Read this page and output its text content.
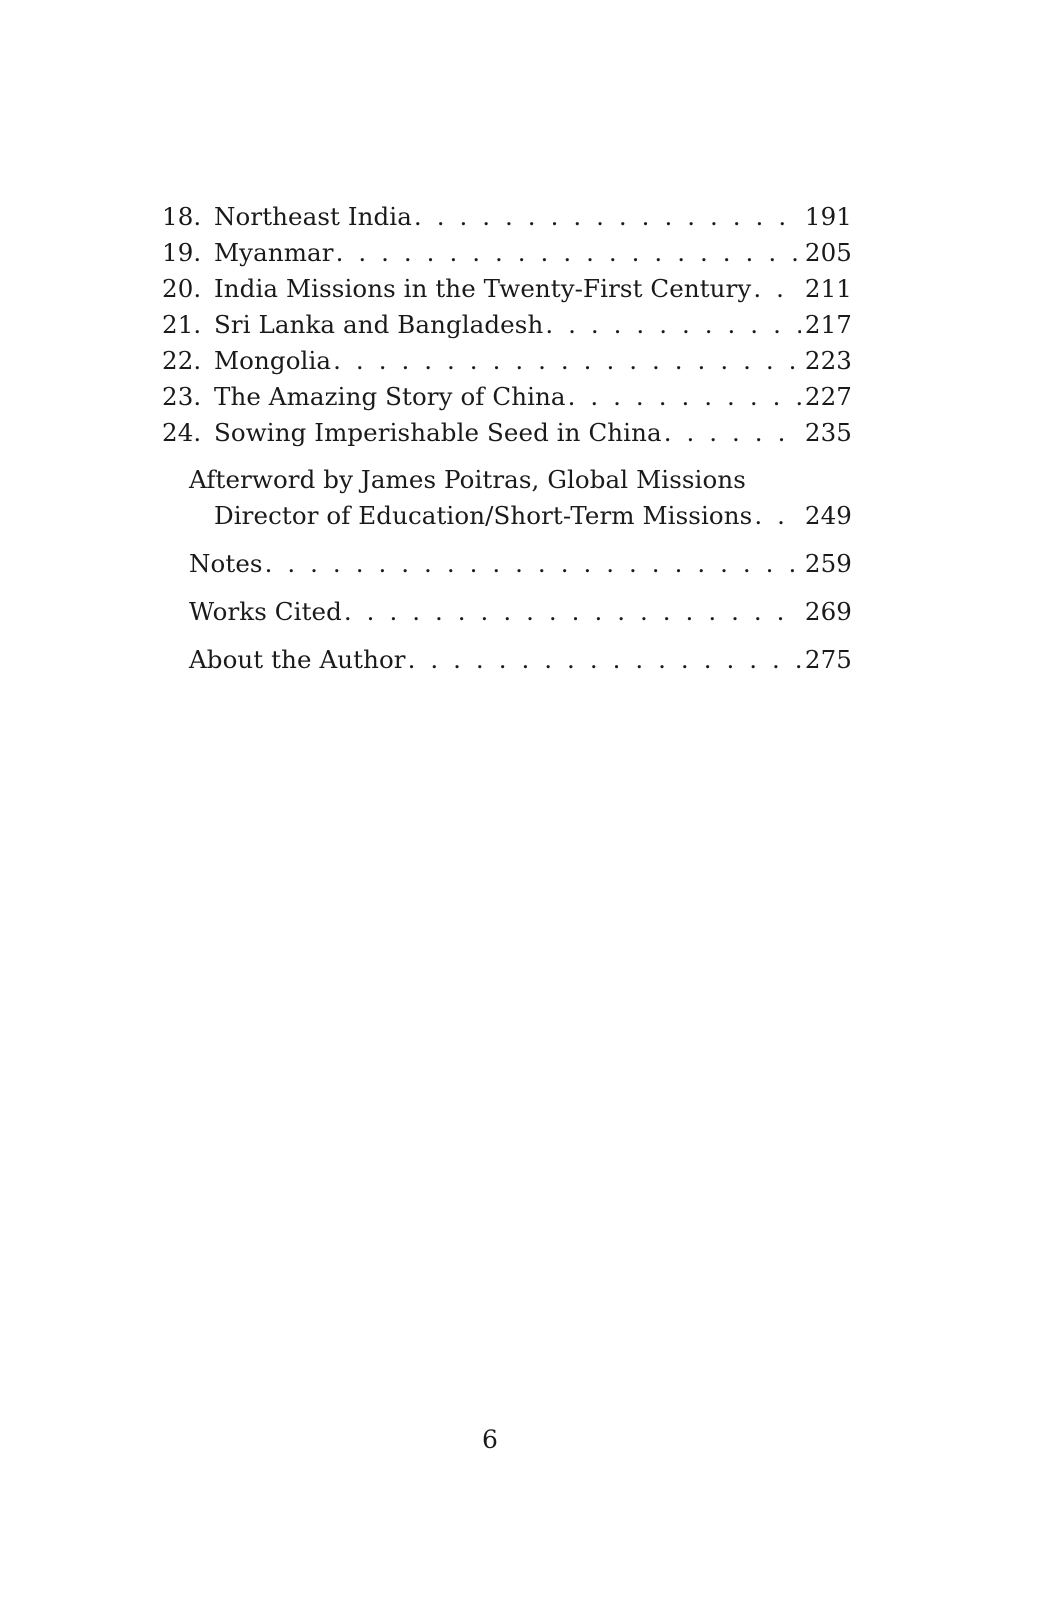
18. Northeast India . . .	191
19. Myanmar . . .	205
20. India Missions in the Twenty-First Century . . . 211
21. Sri Lanka and Bangladesh . . .	217
22. Mongolia . . .	223
23. The Amazing Story of China . . .	227
24. Sowing Imperishable Seed in China . . .	235
Afterword by James Poitras, Global Missions
Director of Education/Short-Term Missions . . . 249
Notes . . .	259
Works Cited . . .	269
About the Author . . .	275
6
